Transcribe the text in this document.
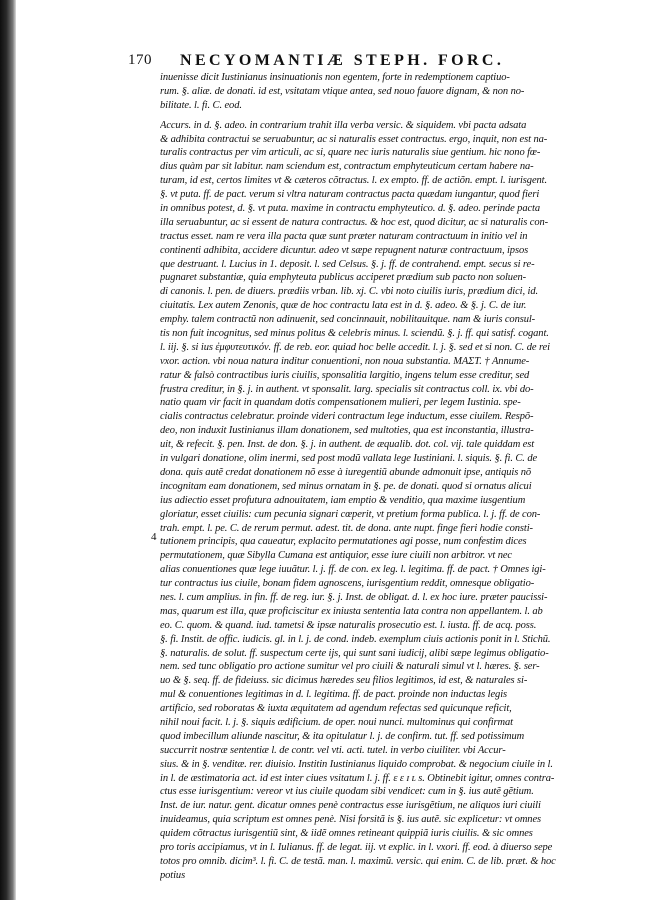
170 NECYOMANTIÆ STEPH. FORC.
4
inuenisse dicit Iustinianus insinuationis non egentem, forte in redemptionem captiuo-
rum. §. aliæ. de donati. id est, vsitatam vtique antea, sed nouo fauore dignam, & non no-
bilitate. l. fi. C. eod.
Accurs. in d. §. adeo. in contrarium trahit illa verba versic. & siquidem. vbi pacta adsata
& adhibita contractui se seruabuntur, ac si naturalis esset contractus. ergo, inquit, non est na-
turalis contractus per vim articuli, ac si, quare nec iuris naturalis siue gentium. hic nono fœ-
dius quàm par sit labitur. nam sciendum est, contractum emphyteuticum certam habere na-
turam, id est, certos limites vt & cæteros cõtractus. l. ex empto. ff. de actiõn. empt. l. iurisgent.
§. vt puta. ff. de pact. verum si vltra naturam contractus pacta quædam iungantur, quod fieri
in omnibus potest, d. §. vt puta. maxime in contractu emphyteutico. d. §. adeo. perinde pacta
illa seruabuntur, ac si essent de natura contractus. & hoc est, quod dicitur, ac si naturalis con-
tractus esset. nam re vera illa pacta quæ sunt præter naturam contractuum in initio vel in
continenti adhibita, accidere dicuntur. adeo vt sæpe repugnent naturæ contractuum, ipsos
que destruant. l. Lucius in 1. deposit. l. sed Celsus. §. j. ff. de contrahend. empt. secus si re-
pugnaret substantiæ, quia emphyteuta publicus acciperet prædium sub pacto non soluen-
di canonis. l. pen. de diuers. prædiis vrban. lib. xj. C. vbi noto ciuilis iuris, prædium dici, id.
ciuitatis. Lex autem Zenonis, quæ de hoc contractu lata est in d. §. adeo. & §. j. C. de iur.
emphy. talem contractũ non adinuenit, sed concinnauit, nobilitauitque. nam & iuris consul-
tis non fuit incognitus, sed minus politus & celebris minus. l. sciendũ. §. j. ff. qui satisf. cogant.
l. iij. §. si ius ἐμφυτευτικόν. ff. de reb. eor. quiad hoc belle accedit. l. j. §. sed et si non. C. de rei
vxor. action. vbi noua natura inditur conuentioni, non noua substantia. ΜΑΣΤ. † Annume-
ratur & falsò contractibus iuris ciuilis, sponsalitia largitio, ingens telum esse creditur, sed
frustra creditur, in §. j. in authent. vt sponsalit. larg. specialis sit contractus coll. ix. vbi do-
natio quam vir facit in quandam dotis compensationem mulieri, per legem Iustinia. spe-
cialis contractus celebratur. proinde videri contractum lege inductum, esse ciuilem. Respõ-
deo, non induxit Iustinianus illam donationem, sed multoties, qua est inconstantia, illustra-
uit, & refecit. §. pen. Inst. de don. §. j. in authent. de æqualib. dot. col. vij. tale quiddam est
in vulgari donatione, olim inermi, sed post modũ vallata lege Iustiniani. l. siquis. §. fi. C. de
dona. quis autẽ credat donationem nõ esse à iuregentiũ abunde admonuit ipse, antiquis nõ
incognitam eam donationem, sed minus ornatam in §. pe. de donati. quod si ornatus alicui
ius adiectio esset profutura adnouitatem, iam emptio & venditio, qua maxime iusgentium
gloriatur, esset ciuilis: cum pecunia signari cœperit, vt pretium forma publica. l. j. ff. de con-
trah. empt. l. pe. C. de rerum permut. adest. tit. de dona. ante nupt. finge fieri hodie consti-
tutionem principis, qua caueatur, explacito permutationes agi posse, num confestim dices
permutationem, quæ Sibylla Cumana est antiquior, esse iure ciuili non arbitror. vt nec
alias conuentiones quæ lege iuuãtur. l. j. ff. de con. ex leg. l. legitima. ff. de pact. † Omnes igi-
tur contractus ius ciuile, bonam fidem agnoscens, iurisgentium reddit, omnesque obligatio-
nes. l. cum amplius. in fin. ff. de reg. iur. §. j. Inst. de obligat. d. l. ex hoc iure. præter paucissi-
mas, quarum est illa, quæ proficiscitur ex iniusta sententia lata contra non appellantem. l. ab
eo. C. quom. & quand. iud. tametsi & ipsæ naturalis prosecutio est. l. iusta. ff. de acq. poss.
§. fi. Instit. de offic. iudicis. gl. in l. j. de cond. indeb. exemplum ciuis actionis ponit in l. Stichũ.
§. naturalis. de solut. ff. suspectum certe ijs, qui sunt sani iudicij, alibi sæpe legimus obligatio-
nem. sed tunc obligatio pro actione sumitur vel pro ciuili & naturali simul vt l. hæres. §. ser-
uo & §. seq. ff. de fideiuss. sic dicimus hæredes seu filios legitimos, id est, & naturales si-
mul & conuentiones legitimas in d. l. legitima. ff. de pact. proinde non inductas legis
artificio, sed roboratas & iuxta æquitatem ad agendum refectas sed quicunque reficit,
nihil noui facit. l. j. §. siquis ædificium. de oper. noui nunci. multominus qui confirmat
quod imbecillum aliunde nascitur, & ita opitulatur l. j. de confirm. tut. ff. sed potissimum
succurrit nostræ sententiæ l. de contr. vel vti. acti. tutel. in verbo ciuiliter. vbi Accur-
sius. & in §. venditæ. rer. diuisio. Institin Iustinianus liquido comprobat. & negocium ciuile in l.
in l. de æstimatoria act. id est inter ciues vsitatum l. j. ff. ε ɛ ɪ ʟ s. Obtinebit igitur, omnes contra-
ctus esse iurisgentium: vereor vt ius ciuile quodam sibi vendicet: cum in §. ius autẽ gẽtium.
Inst. de iur. natur. gent. dicatur omnes penè contractus esse iurisgẽtium, ne aliquos iuri ciuili
inuideamus, quia scriptum est omnes penè. Nisi forsitã is §. ius autẽ. sic explicetur: vt omnes
quidem cõtractus iurisgentiũ sint, & iidẽ omnes retineant quippiã iuris ciuilis. & sic omnes
pro toris accipiamus, vt in l. Iulianus. ff. de legat. iij. vt explic. in l. vxori. ff. eod. à diuerso sepe
totos pro omnib. dicim³. l. fi. C. de testã. man. l. maximũ. versic. qui enim. C. de lib. præt. & hoc
potius
